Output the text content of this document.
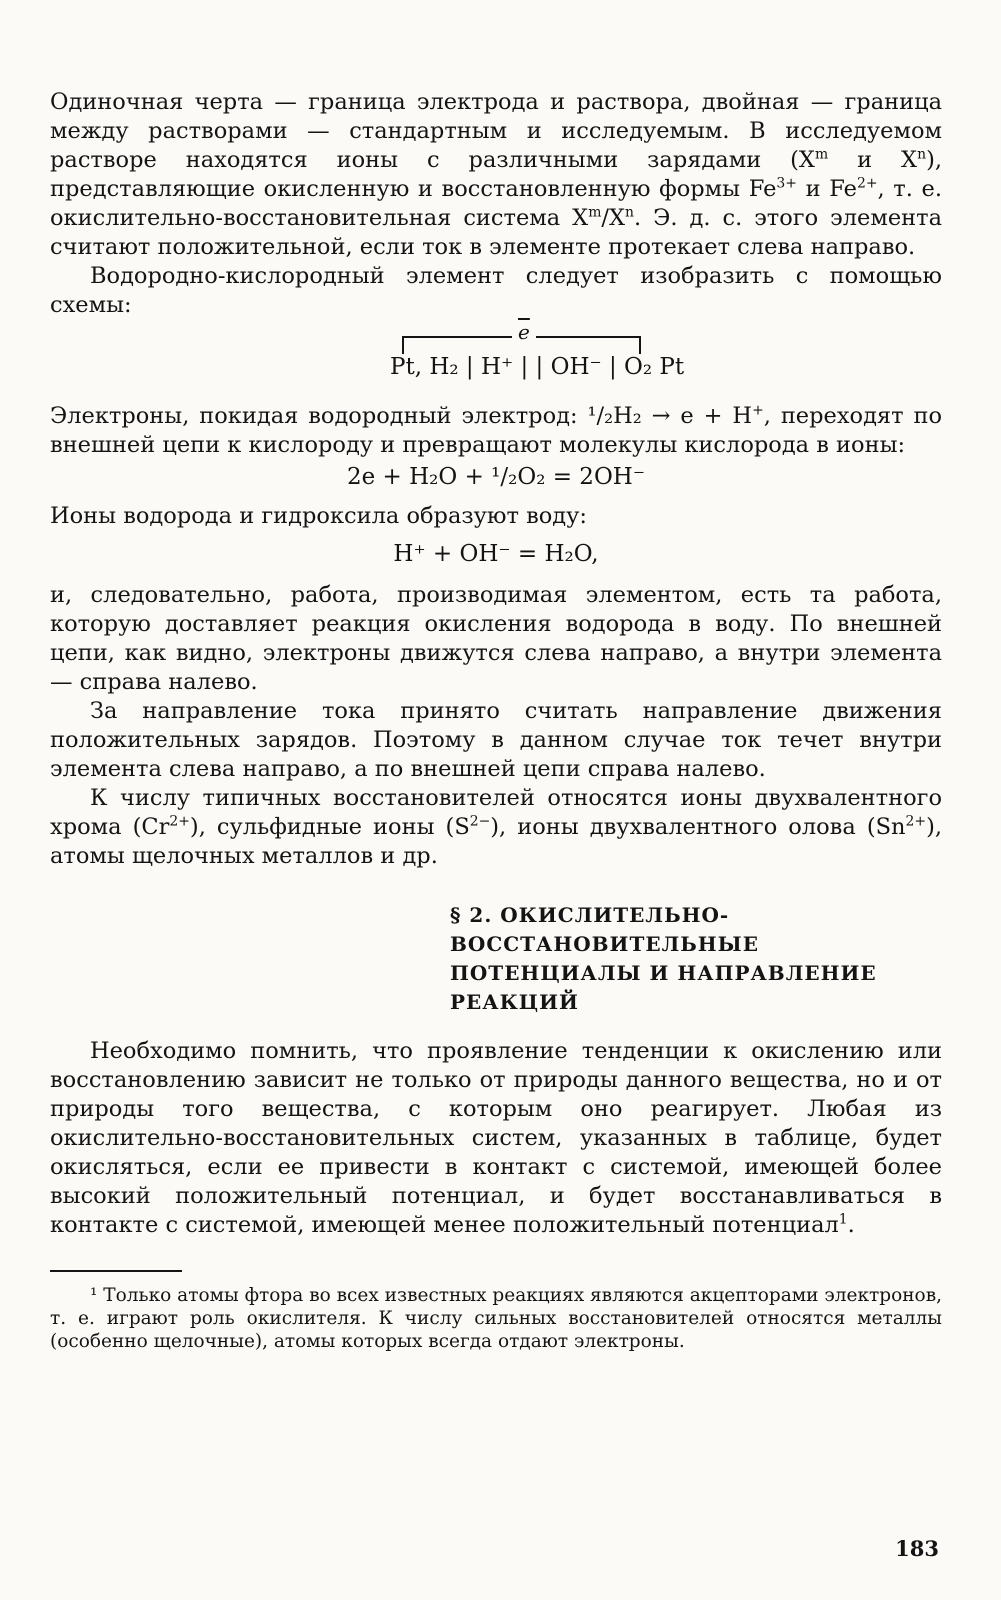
Одиночная черта — граница электрода и раствора, двойная — граница между растворами — стандартным и исследуемым. В исследуемом растворе находятся ионы с различными зарядами ($X^m$ и $X^n$), представляющие окисленную и восстановленную формы $Fe^{3+}$ и $Fe^{2+}$, т. е. окислительно-восстановительная система $X^m/X^n$. Э. д. с. этого элемента считают положительной, если ток в элементе протекает слева направо.

Водородно-кислородный элемент следует изобразить с помощью схемы:

$\overline{e}$
Pt, H₂ | H⁺ | | OH⁻ | O₂ Pt

Электроны, покидая водородный электрод: ¹/₂H₂ → e + H+, переходят по внешней цепи к кислороду и превращают молекулы кислорода в ионы:

2e + H₂O + ¹/₂O₂ = 2OH⁻

Ионы водорода и гидроксила образуют воду:

H⁺ + OH⁻ = H₂O,

и, следовательно, работа, производимая элементом, есть та работа, которую доставляет реакция окисления водорода в воду. По внешней цепи, как видно, электроны движутся слева направо, а внутри элемента — справа налево.

За направление тока принято считать направление движения положительных зарядов. Поэтому в данном случае ток течет внутри элемента слева направо, а по внешней цепи справа налево.

К числу типичных восстановителей относятся ионы двухвалентного хрома $(Cr^{2+})$, сульфидные ионы $(S^{2-})$, ионы двухвалентного олова $(Sn^{2+})$, атомы щелочных металлов и др.

§ 2. ОКИСЛИТЕЛЬНО-ВОССТАНОВИТЕЛЬНЫЕ ПОТЕНЦИАЛЫ И НАПРАВЛЕНИЕ РЕАКЦИЙ

Необходимо помнить, что проявление тенденции к окислению или восстановлению зависит не только от природы данного вещества, но и от природы того вещества, с которым оно реагирует. Любая из окислительно-восстановительных систем, указанных в таблице, будет окисляться, если ее привести в контакт с системой, имеющей более высокий положительный потенциал, и будет восстанавливаться в контакте с системой, имеющей менее положительный потенциал$^1$.

¹ Только атомы фтора во всех известных реакциях являются акцепторами электронов, т. е. играют роль окислителя. К числу сильных восстановителей относятся металлы (особенно щелочные), атомы которых всегда отдают электроны.

183
